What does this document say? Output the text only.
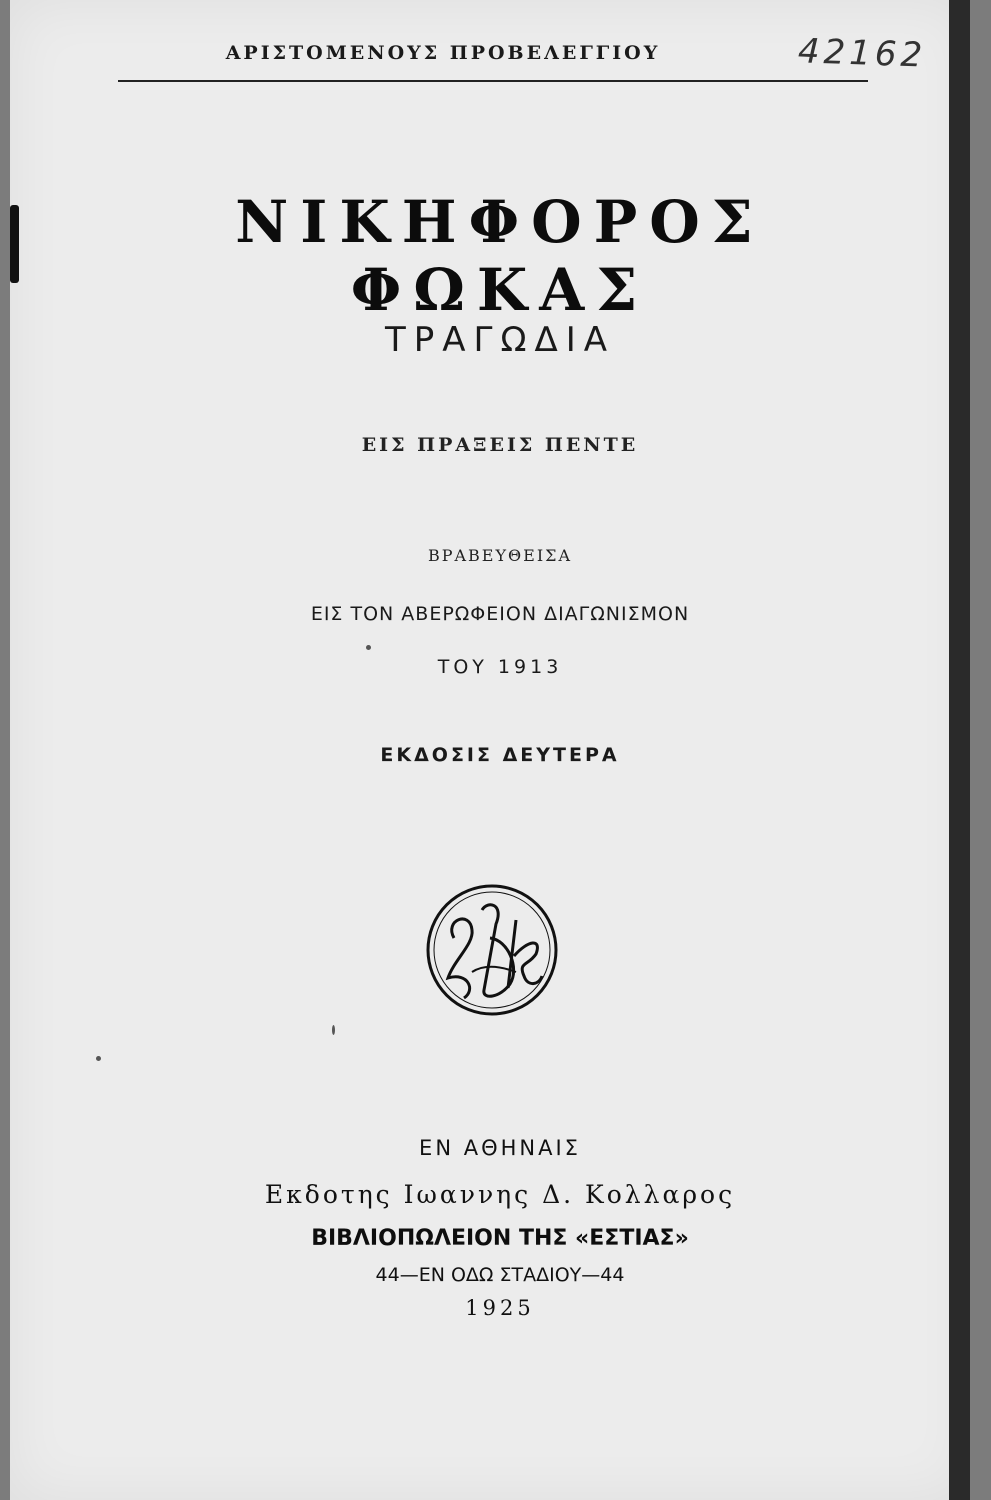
ΑΡΙΣΤΟΜΕΝΟΥΣ ΠΡΟΒΕΛΕΓΓΙΟΥ	42162
ΝΙΚΗΦΟΡΟΣ ΦΩΚΑΣ
ΤΡΑΓΩΔΙΑ
ΕΙΣ ΠΡΑΞΕΙΣ ΠΕΝΤΕ
ΒΡΑΒΕΥΘΕΙΣΑ
ΕΙΣ ΤΟΝ ΑΒΕΡΩΦΕΙΟΝ ΔΙΑΓΩΝΙΣΜΟΝ
ΤΟΥ 1913
ΕΚΔΟΣΙΣ ΔΕΥΤΕΡΑ
ΕΝ ΑΘΗΝΑΙΣ
Εκδοτης Ιωαννης Δ. Κολλαρος
ΒΙΒΛΙΟΠΩΛΕΙΟΝ ΤΗΣ «ΕΣΤΙΑΣ»
44—ΕΝ ΟΔΩ ΣΤΑΔΙΟΥ—44
1925
